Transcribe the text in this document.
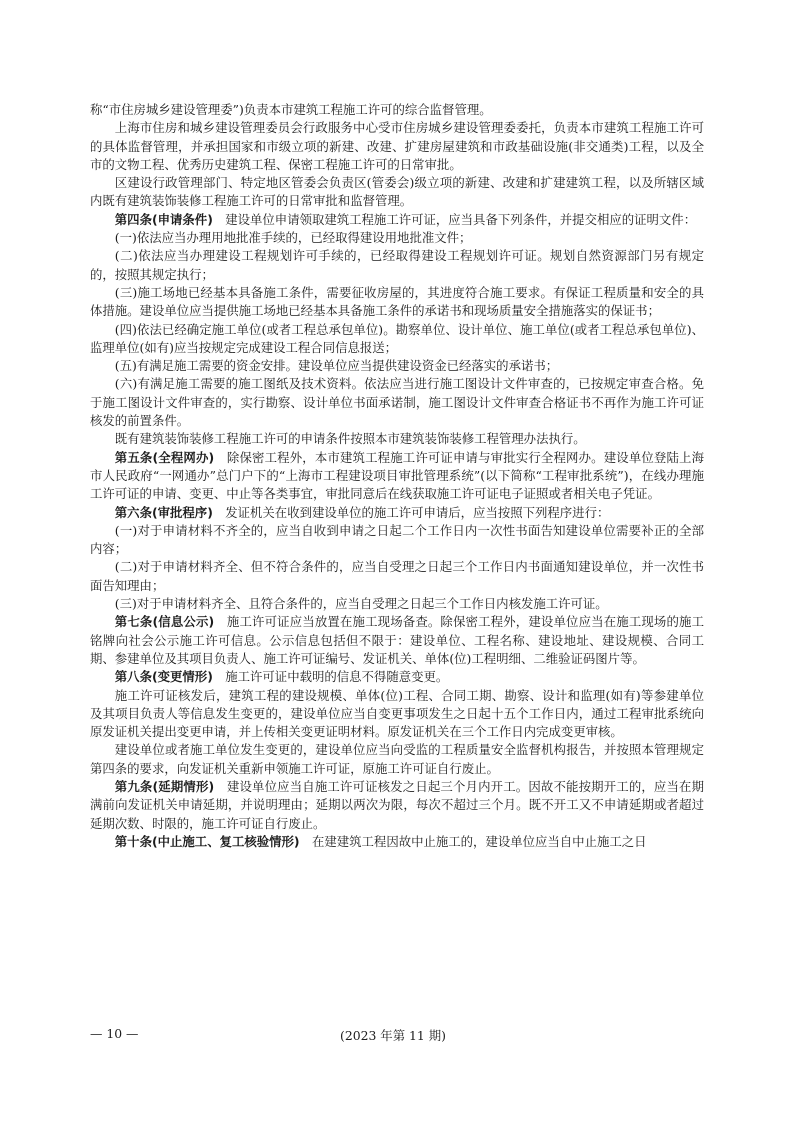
称“市住房城乡建设管理委”)负责本市建筑工程施工许可的综合监督管理。

上海市住房和城乡建设管理委员会行政服务中心受市住房城乡建设管理委委托，负责本市建筑工程施工许可的具体监督管理，并承担国家和市级立项的新建、改建、扩建房屋建筑和市政基础设施(非交通类)工程，以及全市的文物工程、优秀历史建筑工程、保密工程施工许可的日常审批。

区建设行政管理部门、特定地区管委会负责区(管委会)级立项的新建、改建和扩建建筑工程，以及所辖区域内既有建筑装饰装修工程施工许可的日常审批和监督管理。

第四条(申请条件)　建设单位申请领取建筑工程施工许可证，应当具备下列条件，并提交相应的证明文件：

(一)依法应当办理用地批准手续的，已经取得建设用地批准文件；

(二)依法应当办理建设工程规划许可手续的，已经取得建设工程规划许可证。规划自然资源部门另有规定的，按照其规定执行；

(三)施工场地已经基本具备施工条件，需要征收房屋的，其进度符合施工要求。有保证工程质量和安全的具体措施。建设单位应当提供施工场地已经基本具备施工条件的承诺书和现场质量安全措施落实的保证书；

(四)依法已经确定施工单位(或者工程总承包单位)。勘察单位、设计单位、施工单位(或者工程总承包单位)、监理单位(如有)应当按规定完成建设工程合同信息报送；

(五)有满足施工需要的资金安排。建设单位应当提供建设资金已经落实的承诺书；

(六)有满足施工需要的施工图纸及技术资料。依法应当进行施工图设计文件审查的，已按规定审查合格。免于施工图设计文件审查的，实行勘察、设计单位书面承诺制，施工图设计文件审查合格证书不再作为施工许可证核发的前置条件。

既有建筑装饰装修工程施工许可的申请条件按照本市建筑装饰装修工程管理办法执行。

第五条(全程网办)　除保密工程外，本市建筑工程施工许可证申请与审批实行全程网办。建设单位登陆上海市人民政府“一网通办”总门户下的“上海市工程建设项目审批管理系统”(以下简称“工程审批系统”)，在线办理施工许可证的申请、变更、中止等各类事宜，审批同意后在线获取施工许可证电子证照或者相关电子凭证。

第六条(审批程序)　发证机关在收到建设单位的施工许可申请后，应当按照下列程序进行：

(一)对于申请材料不齐全的，应当自收到申请之日起二个工作日内一次性书面告知建设单位需要补正的全部内容；

(二)对于申请材料齐全、但不符合条件的，应当自受理之日起三个工作日内书面通知建设单位，并一次性书面告知理由；

(三)对于申请材料齐全、且符合条件的，应当自受理之日起三个工作日内核发施工许可证。

第七条(信息公示)　施工许可证应当放置在施工现场备查。除保密工程外，建设单位应当在施工现场的施工铭牌向社会公示施工许可信息。公示信息包括但不限于：建设单位、工程名称、建设地址、建设规模、合同工期、参建单位及其项目负责人、施工许可证编号、发证机关、单体(位)工程明细、二维验证码图片等。

第八条(变更情形)　施工许可证中载明的信息不得随意变更。

施工许可证核发后，建筑工程的建设规模、单体(位)工程、合同工期、勘察、设计和监理(如有)等参建单位及其项目负责人等信息发生变更的，建设单位应当自变更事项发生之日起十五个工作日内，通过工程审批系统向原发证机关提出变更申请，并上传相关变更证明材料。原发证机关在三个工作日内完成变更审核。

建设单位或者施工单位发生变更的，建设单位应当向受监的工程质量安全监督机构报告，并按照本管理规定第四条的要求，向发证机关重新申领施工许可证，原施工许可证自行废止。

第九条(延期情形)　建设单位应当自施工许可证核发之日起三个月内开工。因故不能按期开工的，应当在期满前向发证机关申请延期，并说明理由；延期以两次为限，每次不超过三个月。既不开工又不申请延期或者超过延期次数、时限的，施工许可证自行废止。

第十条(中止施工、复工核验情形)　在建建筑工程因故中止施工的，建设单位应当自中止施工之日

— 10 —	(2023 年第 11 期)
